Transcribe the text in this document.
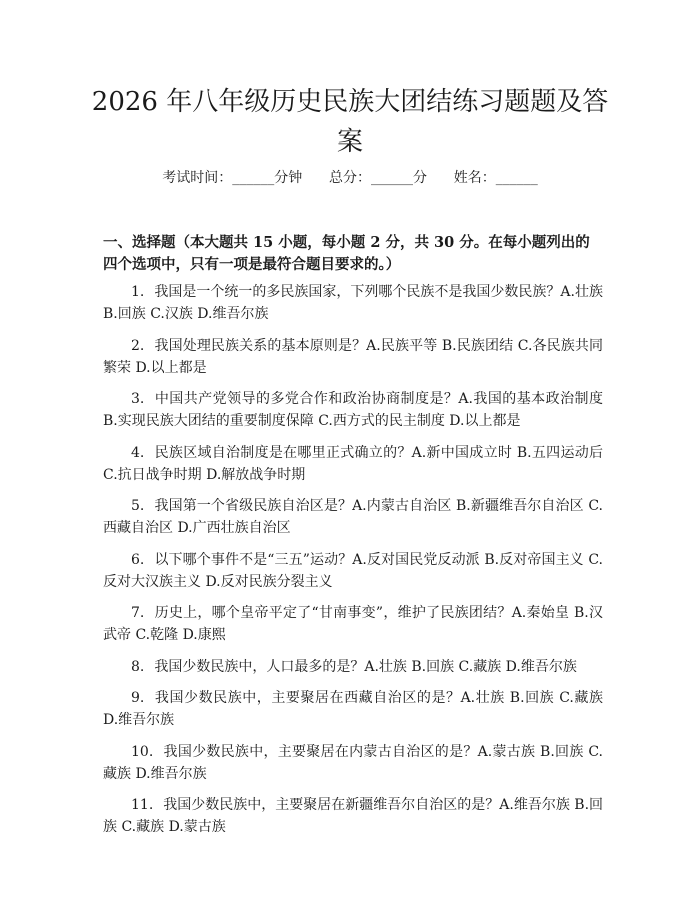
2026 年八年级历史民族大团结练习题题及答案
考试时间：______分钟      总分：______分      姓名：______
一、选择题（本大题共 15 小题，每小题 2 分，共 30 分。在每小题列出的四个选项中，只有一项是最符合题目要求的。）
1. 我国是一个统一的多民族国家，下列哪个民族不是我国少数民族？A.壮族 B.回族 C.汉族 D.维吾尔族
2. 我国处理民族关系的基本原则是？A.民族平等 B.民族团结 C.各民族共同繁荣 D.以上都是
3. 中国共产党领导的多党合作和政治协商制度是？A.我国的基本政治制度 B.实现民族大团结的重要制度保障 C.西方式的民主制度 D.以上都是
4. 民族区域自治制度是在哪里正式确立的？A.新中国成立时 B.五四运动后 C.抗日战争时期 D.解放战争时期
5. 我国第一个省级民族自治区是？A.内蒙古自治区 B.新疆维吾尔自治区 C.西藏自治区 D.广西壮族自治区
6. 以下哪个事件不是“三五”运动？A.反对国民党反动派 B.反对帝国主义 C.反对大汉族主义 D.反对民族分裂主义
7. 历史上，哪个皇帝平定了“甘南事变”，维护了民族团结？A.秦始皇 B.汉武帝 C.乾隆 D.康熙
8. 我国少数民族中，人口最多的是？A.壮族 B.回族 C.藏族 D.维吾尔族
9. 我国少数民族中，主要聚居在西藏自治区的是？A.壮族 B.回族 C.藏族 D.维吾尔族
10. 我国少数民族中，主要聚居在内蒙古自治区的是？A.蒙古族 B.回族 C.藏族 D.维吾尔族
11. 我国少数民族中，主要聚居在新疆维吾尔自治区的是？A.维吾尔族 B.回族 C.藏族 D.蒙古族
